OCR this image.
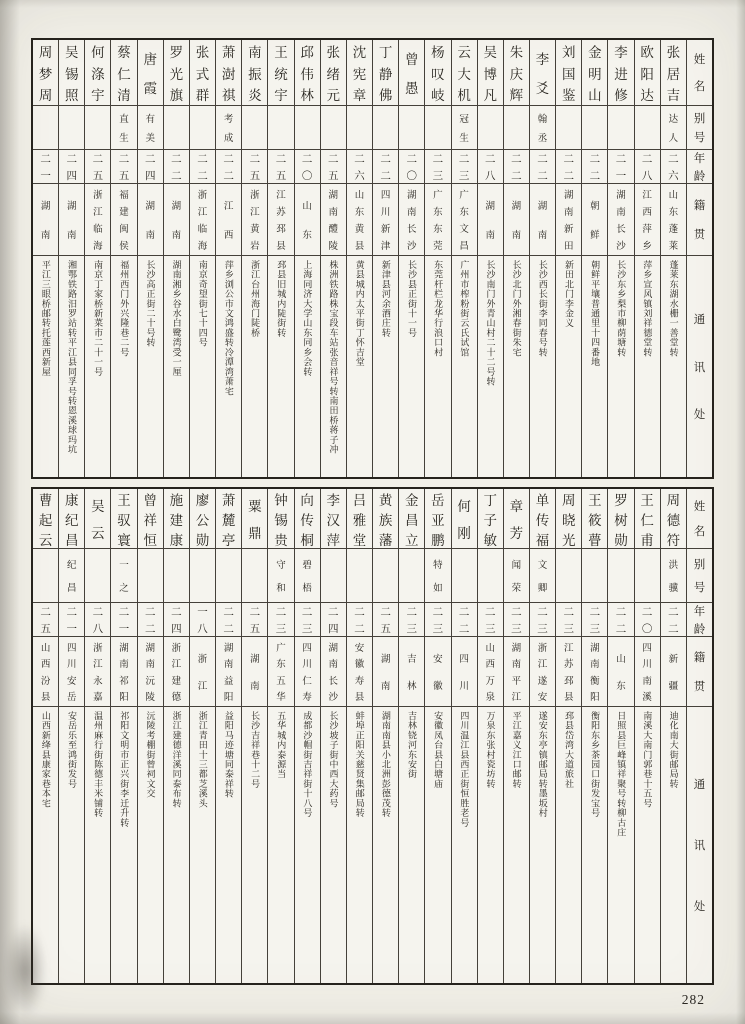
周
梦
周
二
一
湖
南
平江三眼桥邮转托莲西新屋
吴
锡
照
二
四
湖
南
湘鄂铁路汨罗站转平江县同孚号转恩溪球玛坑
何
涤
宇
二
五
浙
江
临
海
南京丁家桥新菜市二十一号
蔡
仁
清
直
生
二
五
福
建
闽
侯
福州西门外兴隆巷二号
唐
霞
有
美
二
四
湖
南
长沙高正街二十号转
罗
光
旗
二
二
湖
南
湖南湘乡谷水白鹭湾受一厘
张
式
群
二
二
浙
江
临
海
南京奇望街七十四号
萧
澍
祺
考
成
二
二
江
西
萍乡浏公市文鸿盛转冷潭湾萧宅
南
振
炎
二
五
浙
江
黄
岩
浙江台州海门陡桥
王
统
宇
二
五
江
苏
邳
县
邳县旧城内陡街转
邱
伟
林
二
〇
山
东
上海同济大学山东同乡会转
张
绪
元
二
五
湖
南
醴
陵
株洲铁路株宝段车站张音祥号转南田桥蒋子冲
沈
宪
章
二
六
山
东
黄
县
黄县城内太平街丁怀吉堂
丁
静
佛
二
二
四
川
新
津
新津县河余酒庄转
曾
愚
二
〇
湖
南
长
沙
长沙县正街十一号
杨
叹
岐
二
三
广
东
东
莞
东莞杆栏龙华行浪口村
云
大
机
冠
生
二
三
广
东
文
昌
广州市榨粉街云氏试馆
吴
博
凡
二
八
湖
南
长沙南门外青山村二十二号转
朱
庆
辉
二
二
湖
南
长沙北门外湘春街朱宅
李
爻
翰
丞
二
二
湖
南
长沙西长街李同春号转
刘
国
鉴
二
二
湖
南
新
田
新田北门李金义
金
明
山
二
二
朝
鲜
朝鲜平壤普通里十四番地
李
进
修
二
一
湖
南
长
沙
长沙东乡梨市柳荫塘转
欧
阳
达
二
八
江
西
萍
乡
萍乡宣风镇刘祥德堂转
张
居
吉
达
人
二
六
山
东
蓬
莱
蓬莱东湖水栅一善堂转
姓
名
别
号
年
龄
籍
贯
通
讯
处
曹
起
云
二
五
山
西
汾
县
山西新绛县康家巷本宅
康
纪
昌
纪
昌
二
一
四
川
安
岳
安岳乐至鸿街发号
吴
云
二
八
浙
江
永
嘉
温州麻行街陈德丰米铺转
王
驭
寰
一
之
二
一
湖
南
祁
阳
祁阳文明市正兴街李迁升转
曾
祥
恒
二
二
湖
南
沅
陵
沅陵考棚街曾祠文交
施
建
康
二
四
浙
江
建
德
浙江建德洋溪同泰布转
廖
公
勋
一
八
浙
江
浙江青田十三都芝溪头
萧
麓
亭
二
二
湖
南
益
阳
益阳马迹塘同泰祥转
粟
鼎
二
五
湖
南
长沙吉祥巷十二号
钟
锡
贵
守
和
二
三
广
东
五
华
五华城内泰源当
向
传
桐
碧
梧
二
三
四
川
仁
寿
成都沙帽街吉祥街十八号
李
汉
萍
二
四
湖
南
长
沙
长沙坡子街中西大药号
吕
雅
堂
二
二
安
徽
寿
县
蚌埠正阳关慈贤集邮局转
黄
族
藩
二
五
湖
南
湖南南县小北洲彭德茂转
金
昌
立
二
三
吉
林
吉林铙河东安街
岳
亚
鹏
特
如
二
三
安
徽
安徽凤台县白塘庙
何
刚
二
二
四
川
四川温江县西正街恒胜老号
丁
子
敏
二
三
山
西
万
泉
万泉东张村瓷坊转
章
芳
闻
荣
二
三
湖
南
平
江
平江嘉义江口邮转
单
传
福
文
卿
二
三
浙
江
遂
安
遂安东亭镇邮局转墨坂村
周
晓
光
二
三
江
苏
邳
县
邳县岱湾大道旅社
王
筱
瞢
二
三
湖
南
衡
阳
衡阳东乡茶园口街发宝号
罗
树
勋
二
二
山
东
日照县巨峰镇祥聚号转柳古庄
王
仁
甫
二
〇
四
川
南
溪
南溪大南门郭巷十五号
周
德
符
洪
骥
二
二
新
疆
迪化南大街邮局转
姓
名
别
号
年
龄
籍
贯
通
讯
处
282
